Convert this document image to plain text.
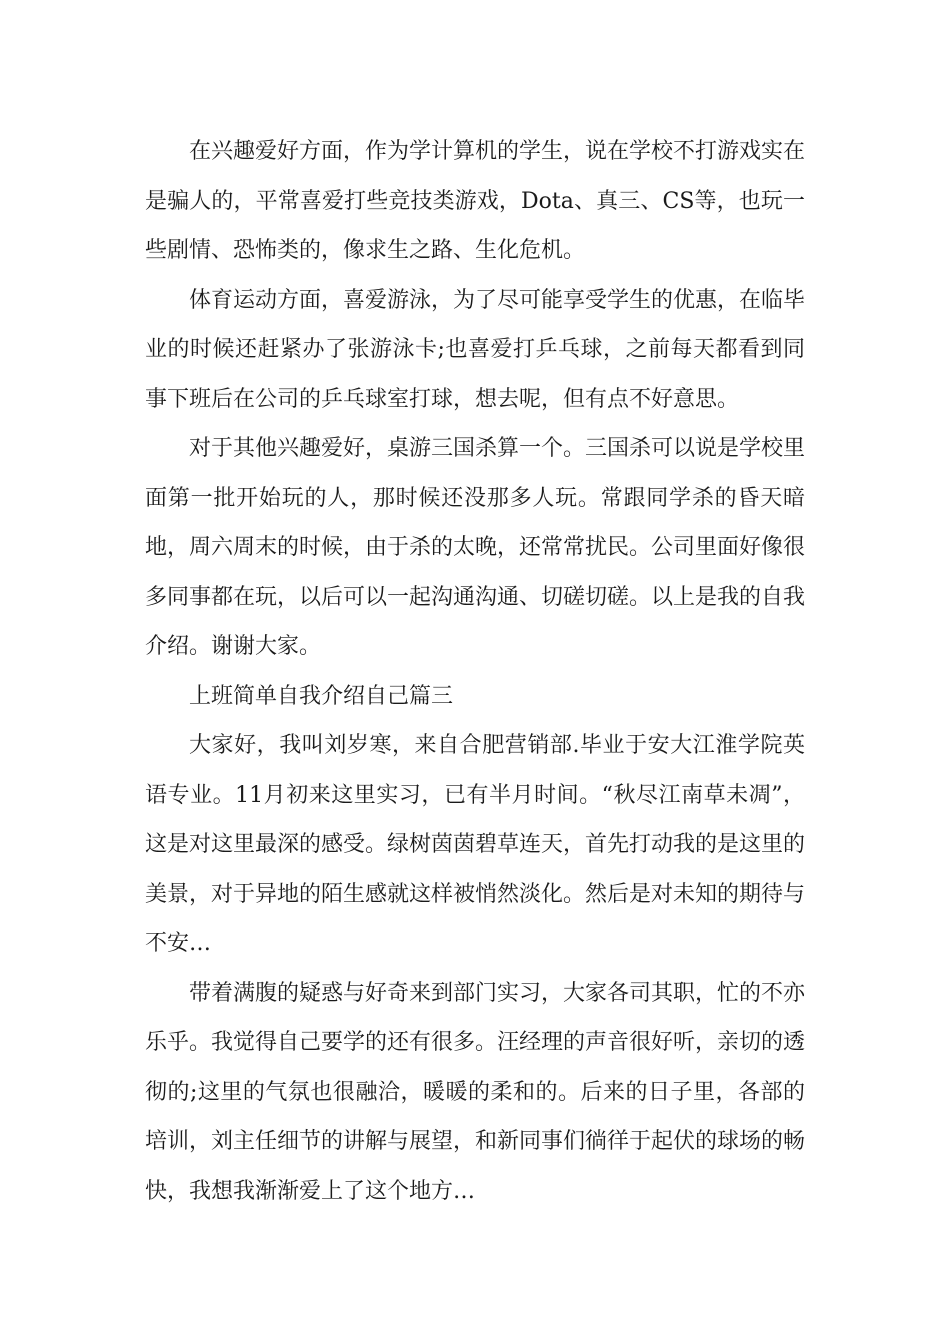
在兴趣爱好方面，作为学计算机的学生，说在学校不打游戏实在是骗人的，平常喜爱打些竞技类游戏，Dota、真三、CS等，也玩一些剧情、恐怖类的，像求生之路、生化危机。

体育运动方面，喜爱游泳，为了尽可能享受学生的优惠，在临毕业的时候还赶紧办了张游泳卡;也喜爱打乒乓球，之前每天都看到同事下班后在公司的乒乓球室打球，想去呢，但有点不好意思。

对于其他兴趣爱好，桌游三国杀算一个。三国杀可以说是学校里面第一批开始玩的人，那时候还没那多人玩。常跟同学杀的昏天暗地，周六周末的时候，由于杀的太晚，还常常扰民。公司里面好像很多同事都在玩，以后可以一起沟通沟通、切磋切磋。以上是我的自我介绍。谢谢大家。

上班简单自我介绍自己篇三

大家好，我叫刘岁寒，来自合肥营销部.毕业于安大江淮学院英语专业。11月初来这里实习，已有半月时间。“秋尽江南草未凋”，这是对这里最深的感受。绿树茵茵碧草连天，首先打动我的是这里的美景，对于异地的陌生感就这样被悄然淡化。然后是对未知的期待与不安…

带着满腹的疑惑与好奇来到部门实习，大家各司其职，忙的不亦乐乎。我觉得自己要学的还有很多。汪经理的声音很好听，亲切的透彻的;这里的气氛也很融洽，暖暖的柔和的。后来的日子里，各部的培训，刘主任细节的讲解与展望，和新同事们徜徉于起伏的球场的畅快，我想我渐渐爱上了这个地方…
